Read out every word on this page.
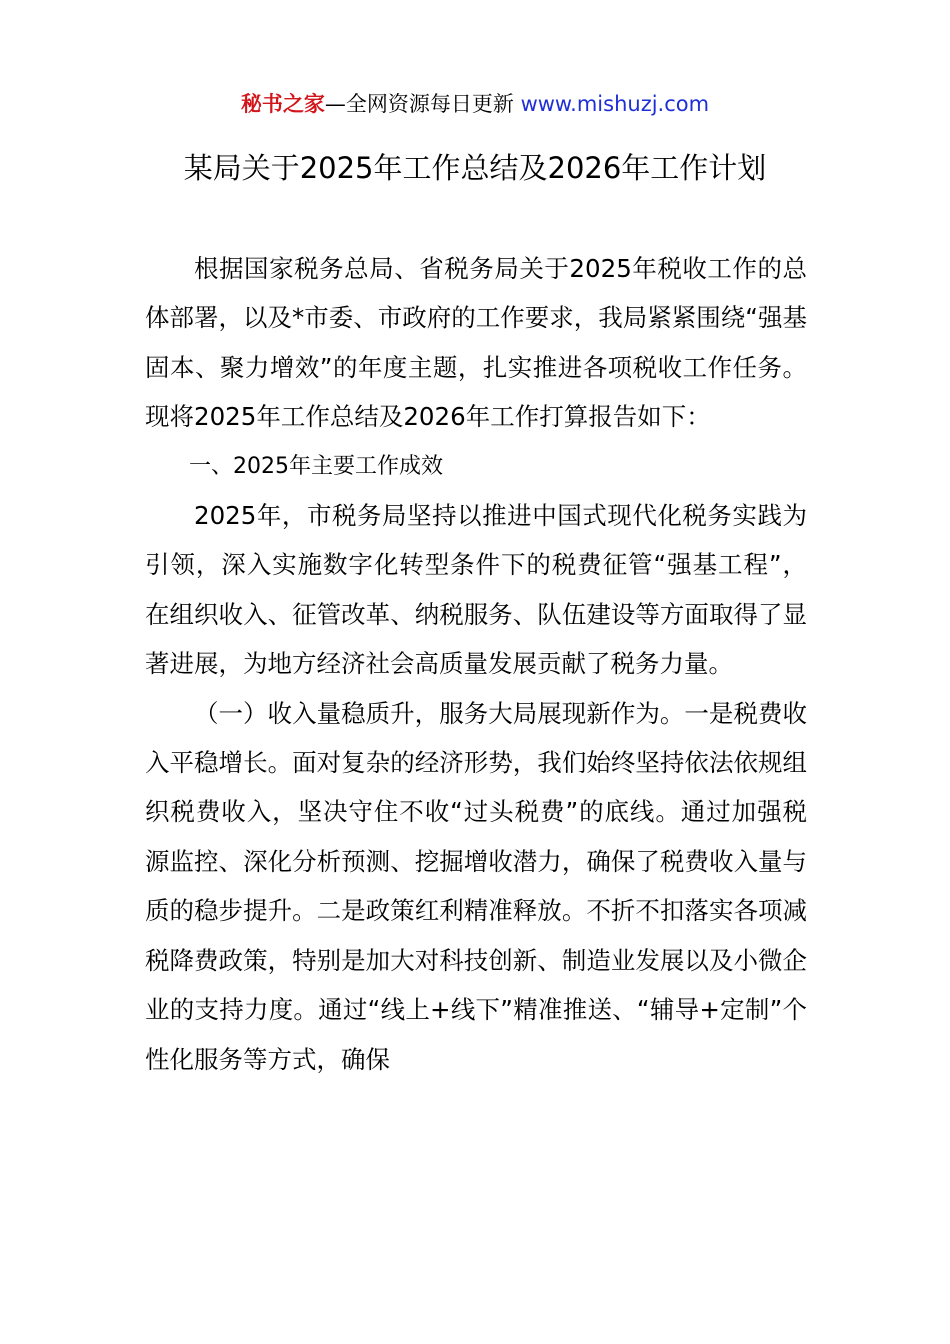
秘书之家—全网资源每日更新 www.mishuzj.com
某局关于2025年工作总结及2026年工作计划

根据国家税务总局、省税务局关于2025年税收工作的总体部署，以及*市委、市政府的工作要求，我局紧紧围绕“强基固本、聚力增效”的年度主题，扎实推进各项税收工作任务。现将2025年工作总结及2026年工作打算报告如下：

一、2025年主要工作成效

2025年，市税务局坚持以推进中国式现代化税务实践为引领，深入实施数字化转型条件下的税费征管“强基工程”，在组织收入、征管改革、纳税服务、队伍建设等方面取得了显著进展，为地方经济社会高质量发展贡献了税务力量。

（一）收入量稳质升，服务大局展现新作为。一是税费收入平稳增长。面对复杂的经济形势，我们始终坚持依法依规组织税费收入，坚决守住不收“过头税费”的底线。通过加强税源监控、深化分析预测、挖掘增收潜力，确保了税费收入量与质的稳步提升。二是政策红利精准释放。不折不扣落实各项减税降费政策，特别是加大对科技创新、制造业发展以及小微企业的支持力度。通过“线上+线下”精准推送、“辅导+定制”个性化服务等方式，确保
